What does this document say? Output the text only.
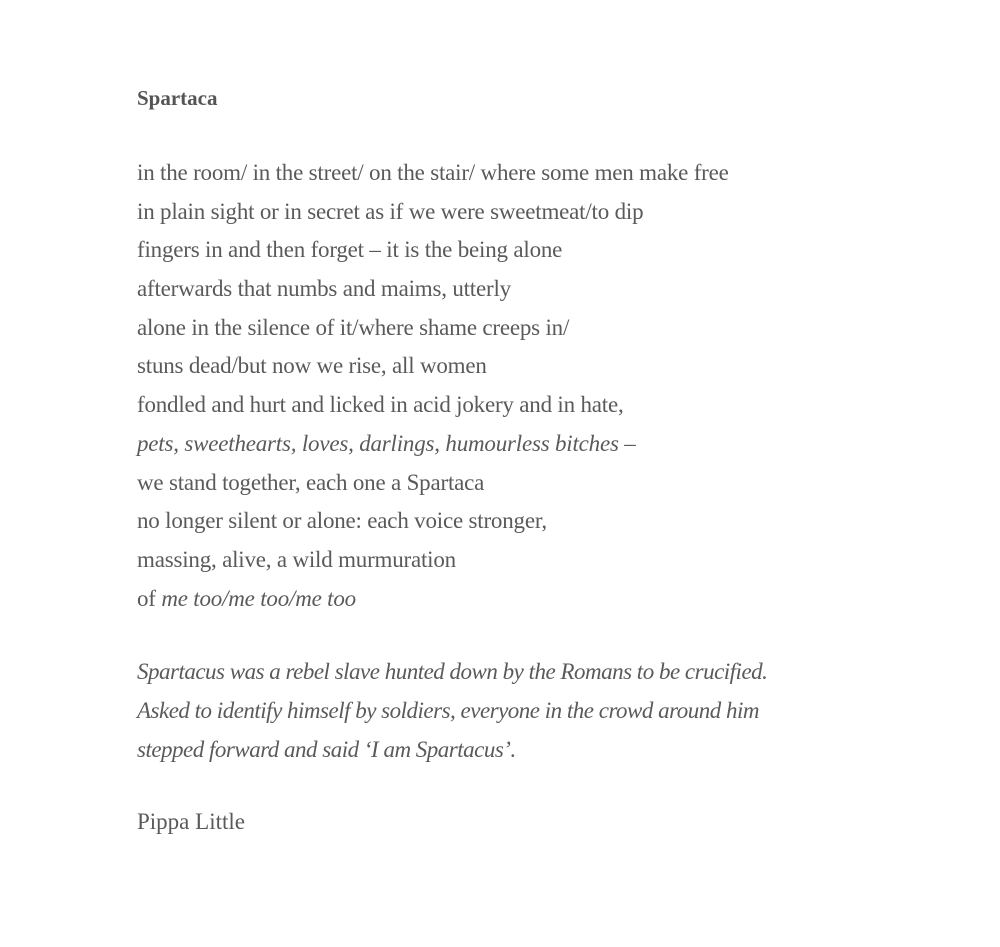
Spartaca
in the room/ in the street/ on the stair/ where some men make free
in plain sight or in secret as if we were sweetmeat/to dip
fingers in and then forget – it is the being alone
afterwards that numbs and maims, utterly
alone in the silence of it/where shame creeps in/
stuns dead/but now we rise, all women
fondled and hurt and licked in acid jokery and in hate,
pets, sweethearts, loves, darlings, humourless bitches –
we stand together, each one a Spartaca
no longer silent or alone: each voice stronger,
massing, alive, a wild murmuration
of me too/me too/me too
Spartacus was a rebel slave hunted down by the Romans to be crucified.
Asked to identify himself by soldiers, everyone in the crowd around him
stepped forward and said ‘I am Spartacus’.
Pippa Little
